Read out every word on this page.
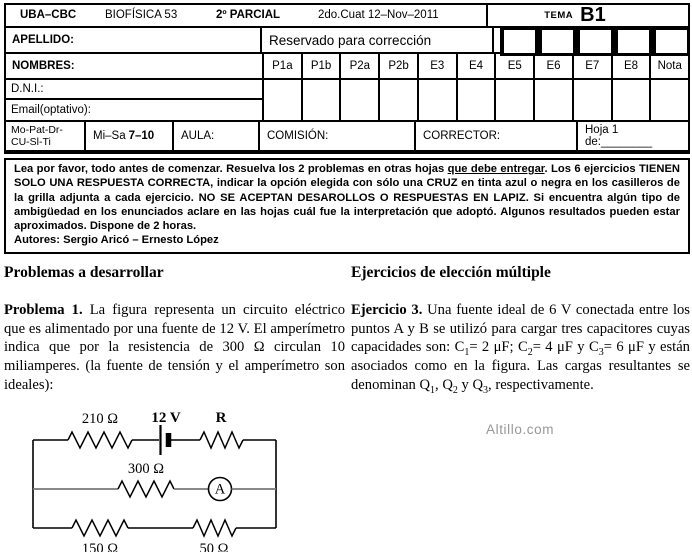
UBA–CBC	BIOFÍSICA 53	2º PARCIAL	2do.Cuat 12–Nov–2011	TEMA B1
APELLIDO:	Reservado para corrección
NOMBRES:	P1a	P1b	P2a	P2b	E3	E4	E5	E6	E7	E8	Nota
D.N.I.:
Email(optativo):
Mo-Pat-Dr-
CU-Sl-Ti	Mi–Sa 7–10	AULA:	COMISIÓN:	CORRECTOR:	Hoja 1 de:________

Lea por favor, todo antes de comenzar. Resuelva los 2 problemas en otras hojas que debe entregar. Los 6 ejercicios TIENEN SOLO UNA RESPUESTA CORRECTA, indicar la opción elegida con sólo una CRUZ en tinta azul o negra en los casilleros de la grilla adjunta a cada ejercicio. NO SE ACEPTAN DESAROLLOS O RESPUESTAS EN LAPIZ. Si encuentra algún tipo de ambigüedad en los enunciados aclare en las hojas cuál fue la interpretación que adoptó. Algunos resultados pueden estar aproximados. Dispone de 2 horas.

Autores: Sergio Aricó – Ernesto López
Problemas a desarrollar

Problema 1. La figura representa un circuito eléctrico que es alimentado por una fuente de 12 V. El amperímetro indica que por la resistencia de 300 Ω circulan 10 miliamperes. (la fuente de tensión y el amperímetro son ideales):

210 Ω 12 V R
300 Ω
A
150 Ω	50 Ω
Ejercicios de elección múltiple

Ejercicio 3. Una fuente ideal de 6 V conectada entre los puntos A y B se utilizó para cargar tres capacitores cuyas capacidades son: $C_1= 2$ μF; $C_2= 4$ μF y $C_3= 6$ μF y están asociados como en la figura. Las cargas resultantes se denominan $Q_1$, $Q_2$ y $Q_3$, respectivamente.

Altillo.com
